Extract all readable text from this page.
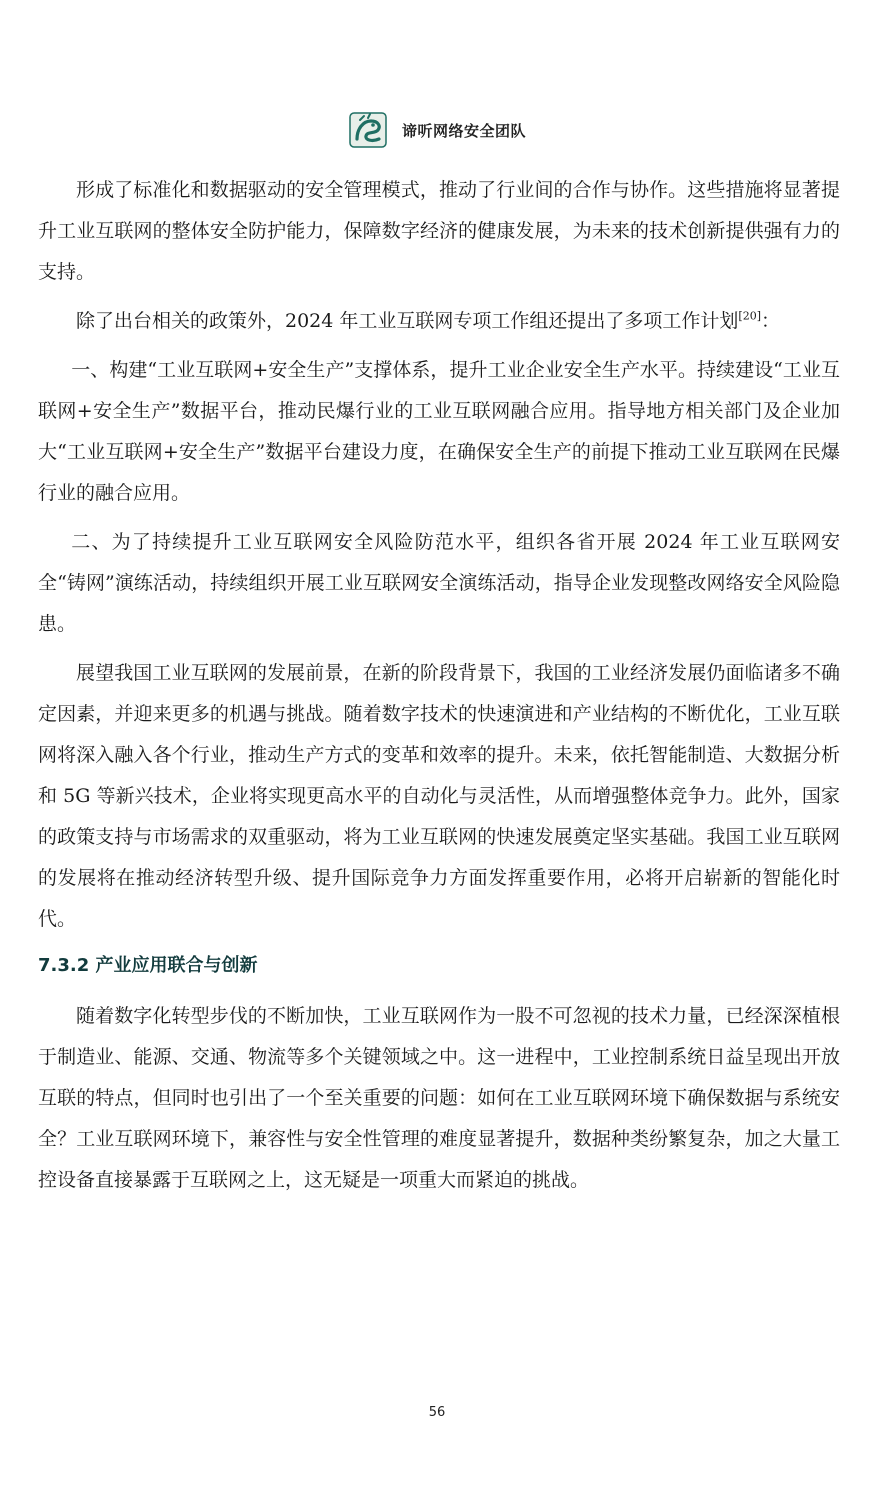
谛听网络安全团队

形成了标准化和数据驱动的安全管理模式，推动了行业间的合作与协作。这些措施将显著提升工业互联网的整体安全防护能力，保障数字经济的健康发展，为未来的技术创新提供强有力的支持。

除了出台相关的政策外，2024 年工业互联网专项工作组还提出了多项工作计划[20]：

一、构建“工业互联网+安全生产”支撑体系，提升工业企业安全生产水平。持续建设“工业互联网+安全生产”数据平台，推动民爆行业的工业互联网融合应用。指导地方相关部门及企业加大“工业互联网+安全生产”数据平台建设力度，在确保安全生产的前提下推动工业互联网在民爆行业的融合应用。

二、为了持续提升工业互联网安全风险防范水平，组织各省开展 2024 年工业互联网安全“铸网”演练活动，持续组织开展工业互联网安全演练活动，指导企业发现整改网络安全风险隐患。

展望我国工业互联网的发展前景，在新的阶段背景下，我国的工业经济发展仍面临诸多不确定因素，并迎来更多的机遇与挑战。随着数字技术的快速演进和产业结构的不断优化，工业互联网将深入融入各个行业，推动生产方式的变革和效率的提升。未来，依托智能制造、大数据分析和 5G 等新兴技术，企业将实现更高水平的自动化与灵活性，从而增强整体竞争力。此外，国家的政策支持与市场需求的双重驱动，将为工业互联网的快速发展奠定坚实基础。我国工业互联网的发展将在推动经济转型升级、提升国际竞争力方面发挥重要作用，必将开启崭新的智能化时代。

7.3.2 产业应用联合与创新

随着数字化转型步伐的不断加快，工业互联网作为一股不可忽视的技术力量，已经深深植根于制造业、能源、交通、物流等多个关键领域之中。这一进程中，工业控制系统日益呈现出开放互联的特点，但同时也引出了一个至关重要的问题：如何在工业互联网环境下确保数据与系统安全？工业互联网环境下，兼容性与安全性管理的难度显著提升，数据种类纷繁复杂，加之大量工控设备直接暴露于互联网之上，这无疑是一项重大而紧迫的挑战。

56
